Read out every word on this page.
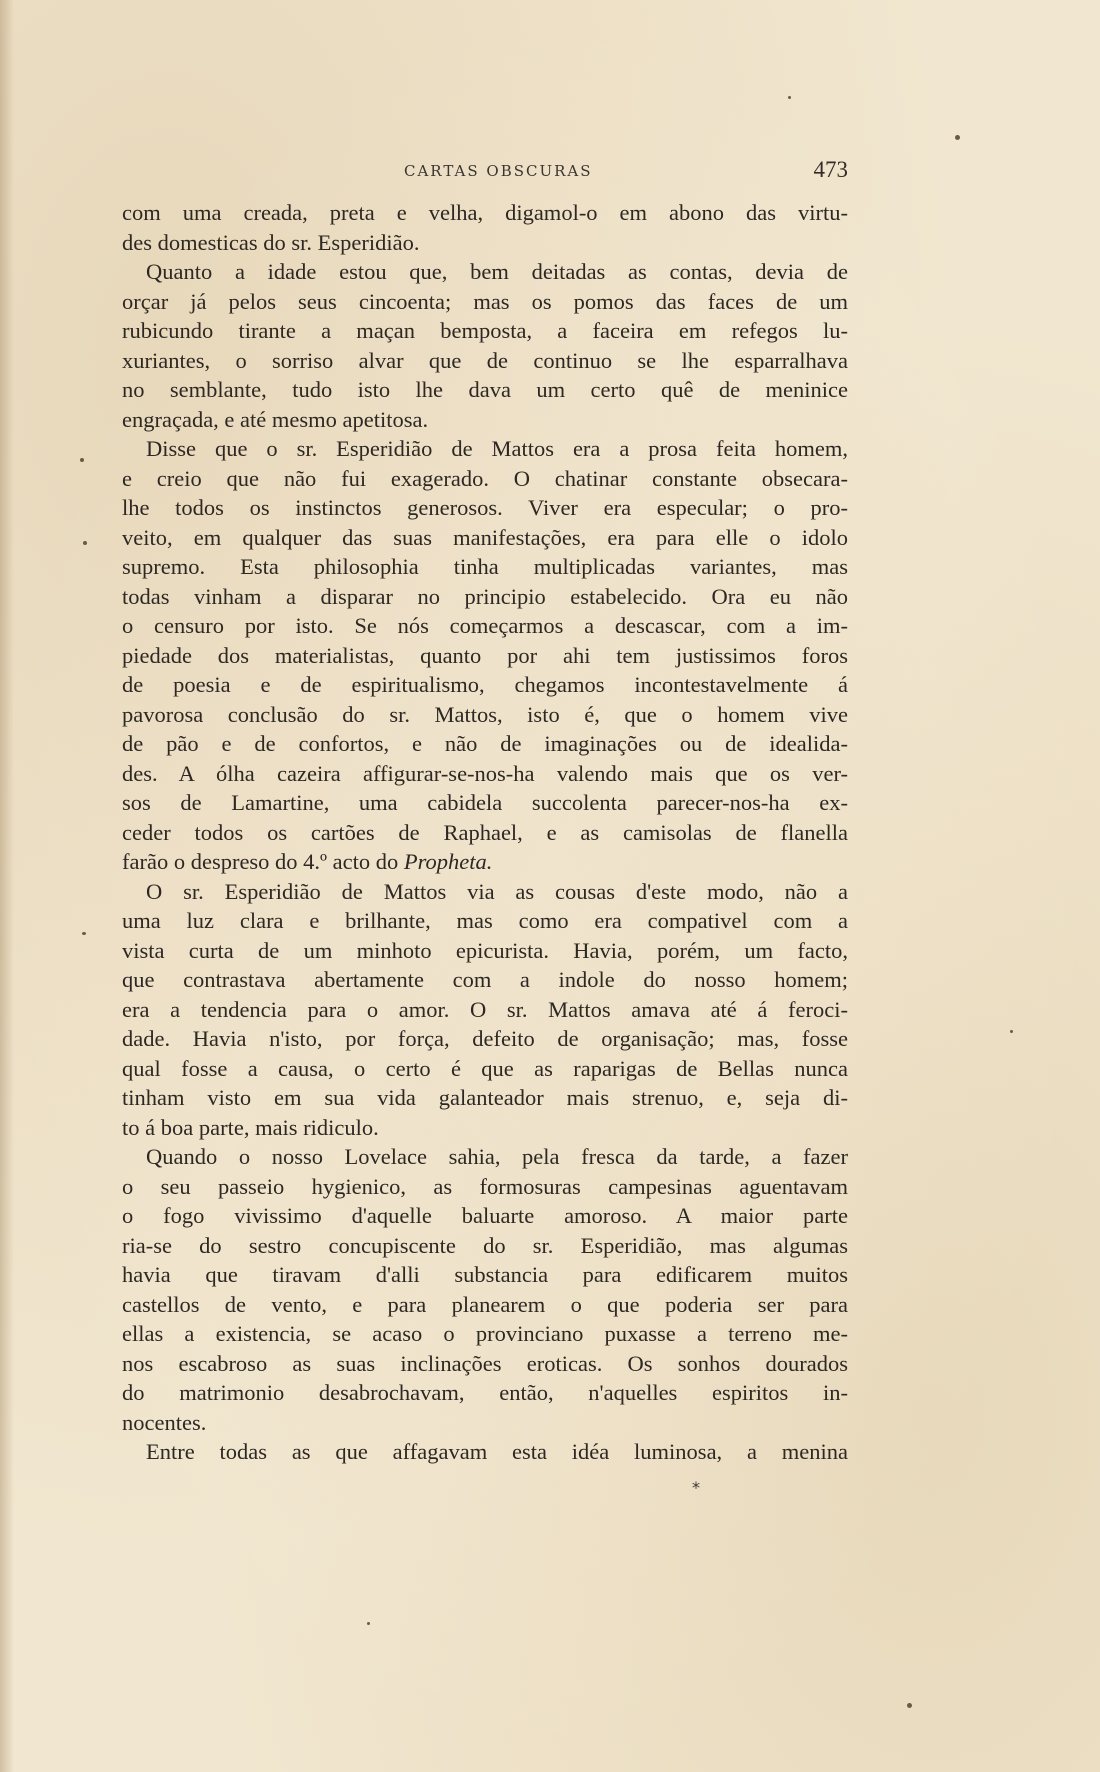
CARTAS OBSCURAS	473
com uma creada, preta e velha, digamol-o em abono das virtu-
des domesticas do sr. Esperidião.
Quanto a idade estou que, bem deitadas as contas, devia de
orçar já pelos seus cincoenta; mas os pomos das faces de um
rubicundo tirante a maçan bemposta, a faceira em refegos lu-
xuriantes, o sorriso alvar que de continuo se lhe esparralhava
no semblante, tudo isto lhe dava um certo quê de meninice
engraçada, e até mesmo apetitosa.
Disse que o sr. Esperidião de Mattos era a prosa feita homem,
e creio que não fui exagerado. O chatinar constante obsecara-
lhe todos os instinctos generosos. Viver era especular; o pro-
veito, em qualquer das suas manifestações, era para elle o idolo
supremo. Esta philosophia tinha multiplicadas variantes, mas
todas vinham a disparar no principio estabelecido. Ora eu não
o censuro por isto. Se nós começarmos a descascar, com a im-
piedade dos materialistas, quanto por ahi tem justissimos foros
de poesia e de espiritualismo, chegamos incontestavelmente á
pavorosa conclusão do sr. Mattos, isto é, que o homem vive
de pão e de confortos, e não de imaginações ou de idealida-
des. A ólha cazeira affigurar-se-nos-ha valendo mais que os ver-
sos de Lamartine, uma cabidela succolenta parecer-nos-ha ex-
ceder todos os cartões de Raphael, e as camisolas de flanella
farão o despreso do 4.º acto do Propheta.
O sr. Esperidião de Mattos via as cousas d'este modo, não a
uma luz clara e brilhante, mas como era compativel com a
vista curta de um minhoto epicurista. Havia, porém, um facto,
que contrastava abertamente com a indole do nosso homem;
era a tendencia para o amor. O sr. Mattos amava até á feroci-
dade. Havia n'isto, por força, defeito de organisação; mas, fosse
qual fosse a causa, o certo é que as raparigas de Bellas nunca
tinham visto em sua vida galanteador mais strenuo, e, seja di-
to á boa parte, mais ridiculo.
Quando o nosso Lovelace sahia, pela fresca da tarde, a fazer
o seu passeio hygienico, as formosuras campesinas aguentavam
o fogo vivissimo d'aquelle baluarte amoroso. A maior parte
ria-se do sestro concupiscente do sr. Esperidião, mas algumas
havia que tiravam d'alli substancia para edificarem muitos
castellos de vento, e para planearem o que poderia ser para
ellas a existencia, se acaso o provinciano puxasse a terreno me-
nos escabroso as suas inclinações eroticas. Os sonhos dourados
do matrimonio desabrochavam, então, n'aquelles espiritos in-
nocentes.
Entre todas as que affagavam esta idéa luminosa, a menina
*
